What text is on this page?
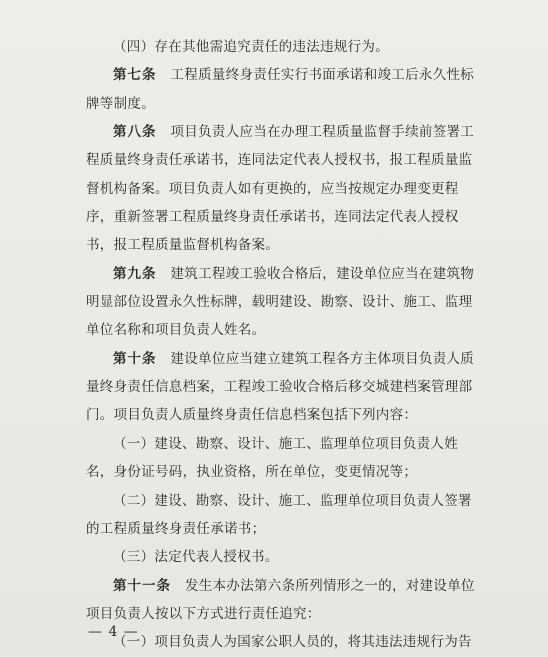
（四）存在其他需追究责任的违法违规行为。
第七条 工程质量终身责任实行书面承诺和竣工后永久性标
牌等制度。
第八条 项目负责人应当在办理工程质量监督手续前签署工
程质量终身责任承诺书，连同法定代表人授权书，报工程质量监
督机构备案。项目负责人如有更换的，应当按规定办理变更程
序，重新签署工程质量终身责任承诺书，连同法定代表人授权
书，报工程质量监督机构备案。
第九条 建筑工程竣工验收合格后，建设单位应当在建筑物
明显部位设置永久性标牌，载明建设、勘察、设计、施工、监理
单位名称和项目负责人姓名。
第十条 建设单位应当建立建筑工程各方主体项目负责人质
量终身责任信息档案，工程竣工验收合格后移交城建档案管理部
门。项目负责人质量终身责任信息档案包括下列内容：
（一）建设、勘察、设计、施工、监理单位项目负责人姓
名，身份证号码，执业资格，所在单位，变更情况等；
（二）建设、勘察、设计、施工、监理单位项目负责人签署
的工程质量终身责任承诺书；
（三）法定代表人授权书。
第十一条 发生本办法第六条所列情形之一的，对建设单位
项目负责人按以下方式进行责任追究：
（一）项目负责人为国家公职人员的，将其违法违规行为告
— 4 —
